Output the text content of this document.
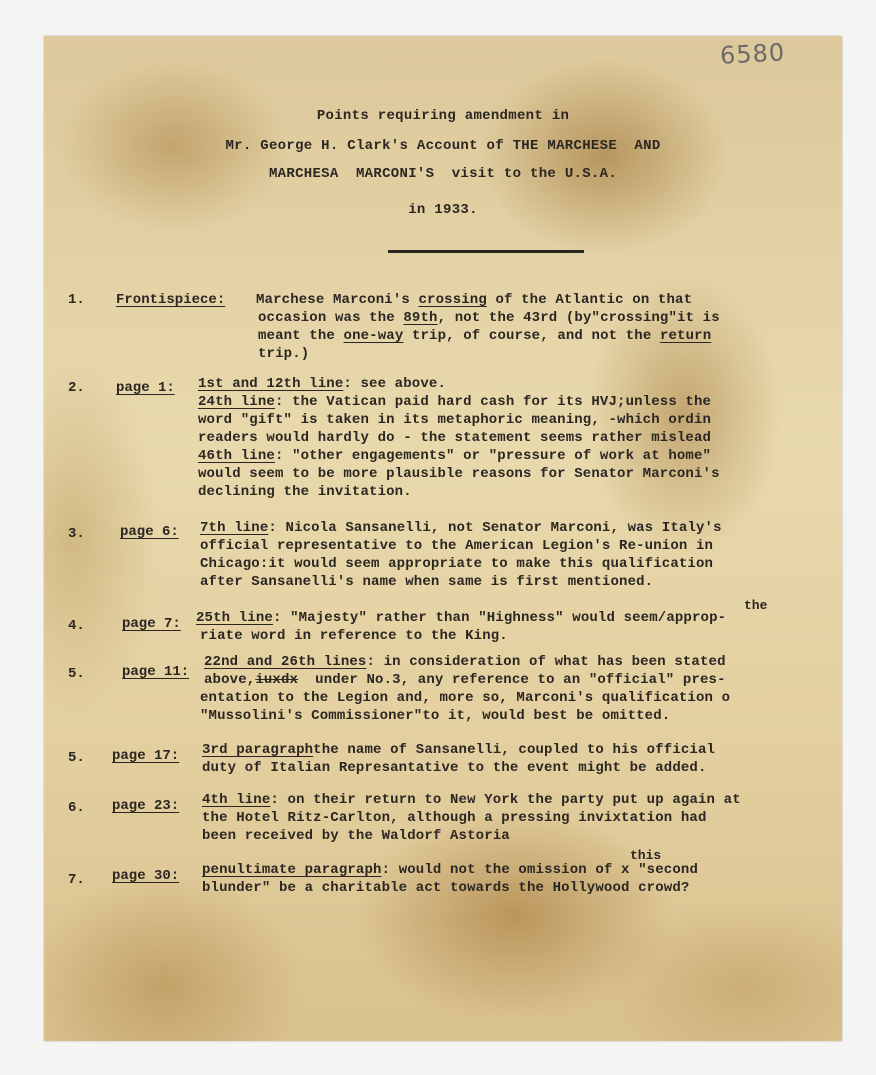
6580
Points requiring amendment in
Mr. George H. Clark's Account of THE MARCHESE  AND
MARCHESA  MARCONI'S  visit to the U.S.A.
in 1933.
1. Frontispiece: Marchese Marconi's crossing of the Atlantic on that
occasion was the 89th, not the 43rd (by"crossing"it is
meant the one-way trip, of course, and not the return
trip.)
2. page 1: 1st and 12th line: see above.
24th line: the Vatican paid hard cash for its HVJ;unless the
word "gift" is taken in its metaphoric meaning, -which ordin
readers would hardly do - the statement seems rather mislead
46th line: "other engagements" or "pressure of work at home"
would seem to be more plausible reasons for Senator Marconi's
declining the invitation.
3.	page 6: 7th line: Nicola Sansanelli, not Senator Marconi, was Italy's
official representative to the American Legion's Re-union in
Chicago:it would seem appropriate to make this qualification
after Sansanelli's name when same is first mentioned.
4.	page 7:
the
25th line: "Majesty" rather than "Highness" would seem/approp-
riate word in reference to the King.
5.	page 11:
22nd and 26th lines: in consideration of what has been stated
above,iuxdx  under No.3, any reference to an "official" pres-
entation to the Legion and, more so, Marconi's qualification o
"Mussolini's Commissioner"to it, would best be omitted.
5. page 17: 3rd paragraphthe name of Sansanelli, coupled to his official
duty of Italian Represantative to the event might be added.
6. page 23: 4th line: on their return to New York the party put up again at
the Hotel Ritz-Carlton, although a pressing invixtation had
been received by the Waldorf Astoria
7. page 30:
this
penultimate paragraph: would not the omission of x "second
blunder" be a charitable act towards the Hollywood crowd?
